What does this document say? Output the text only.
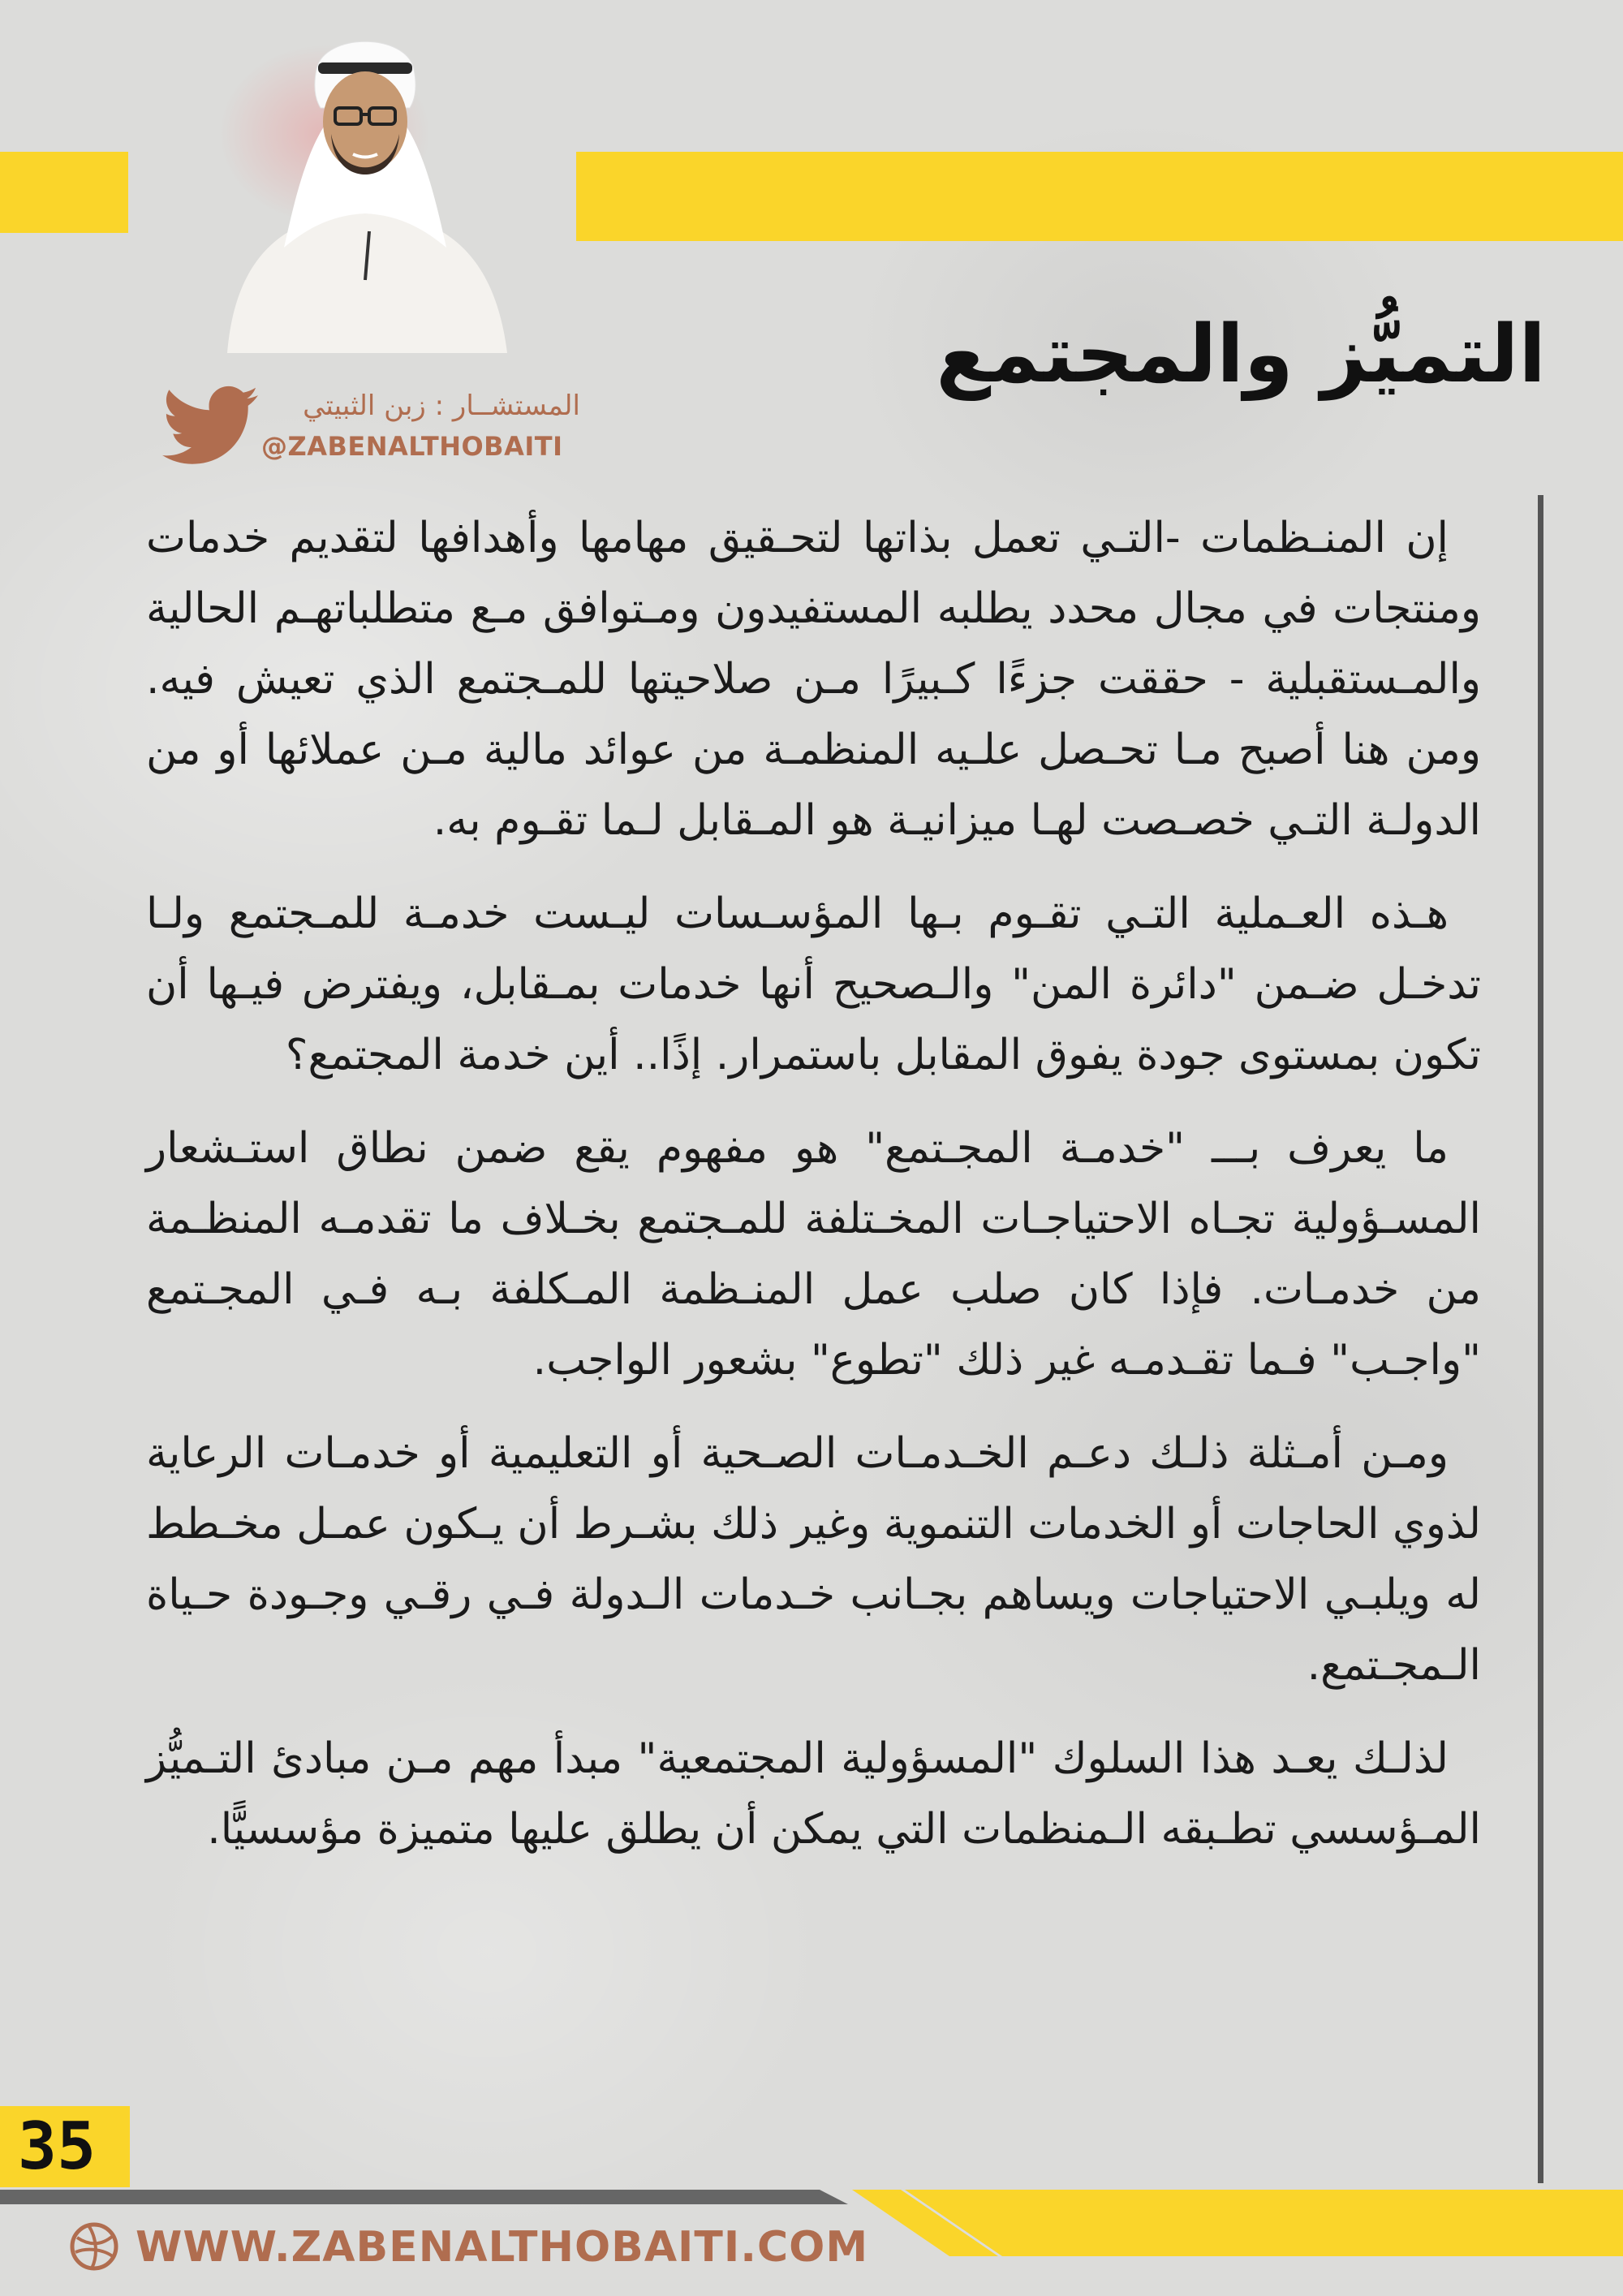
التميُّز والمجتمع
المستشــار : زبن الثبيتي
@ZABENALTHOBAITI

إن المنـظمات -التـي تعمل بذاتها لتحـقيق مهامها وأهدافها لتقديم خدمات ومنتجات في مجال محدد يطلبه المستفيدون ومـتوافق مـع متطلباتهـم الحالية والمـستقبلية - حققت جزءًا كـبيرًا مـن صلاحيتها للمـجتمع الذي تعيش فيه. ومن هنا أصبح مـا تحـصل علـيه المنظمـة من عوائد مالية مـن عملائها أو من الدولـة التـي خصـصت لهـا ميزانيـة هو المـقابل لـما تقـوم به.

هـذه العـملية التـي تقـوم بـها المؤسـسات ليـست خدمـة للمـجتمع ولـا تدخـل ضـمن "دائرة المن" والـصحيح أنها خدمات بمـقابل، ويفترض فيـها أن تكون بمستوى جودة يفوق المقابل باستمرار. إذًا.. أين خدمة المجتمع؟

ما يعرف بـــ "خدمـة المجـتمع" هو مفهوم يقع ضمن نطاق استـشعار المسـؤولية تجـاه الاحتياجـات المخـتلفة للمـجتمع بخـلاف ما تقدمـه المنظـمة من خدمـات. فإذا كان صلب عمل المنـظمة المـكلفة بـه فـي المجـتمع "واجـب" فـما تقـدمـه غير ذلك "تطوع" بشعور الواجب.

ومـن أمـثلة ذلـك دعـم الخـدمـات الصـحية أو التعليمية أو خدمـات الرعاية لذوي الحاجات أو الخدمات التنموية وغير ذلك بشـرط أن يـكون عمـل مخـطط له ويلبـي الاحتياجات ويساهم بجـانب خـدمات الـدولة فـي رقـي وجـودة حـياة الـمجـتمع.

لذلـك يعـد هذا السلوك "المسؤولية المجتمعية" مبدأ مهم مـن مبادئ التـميُّز المـؤسسي تطـبقه الـمنظمات التي يمكن أن يطلق عليها متميزة مؤسسيًّا.

35
WWW.ZABENALTHOBAITI.COM
